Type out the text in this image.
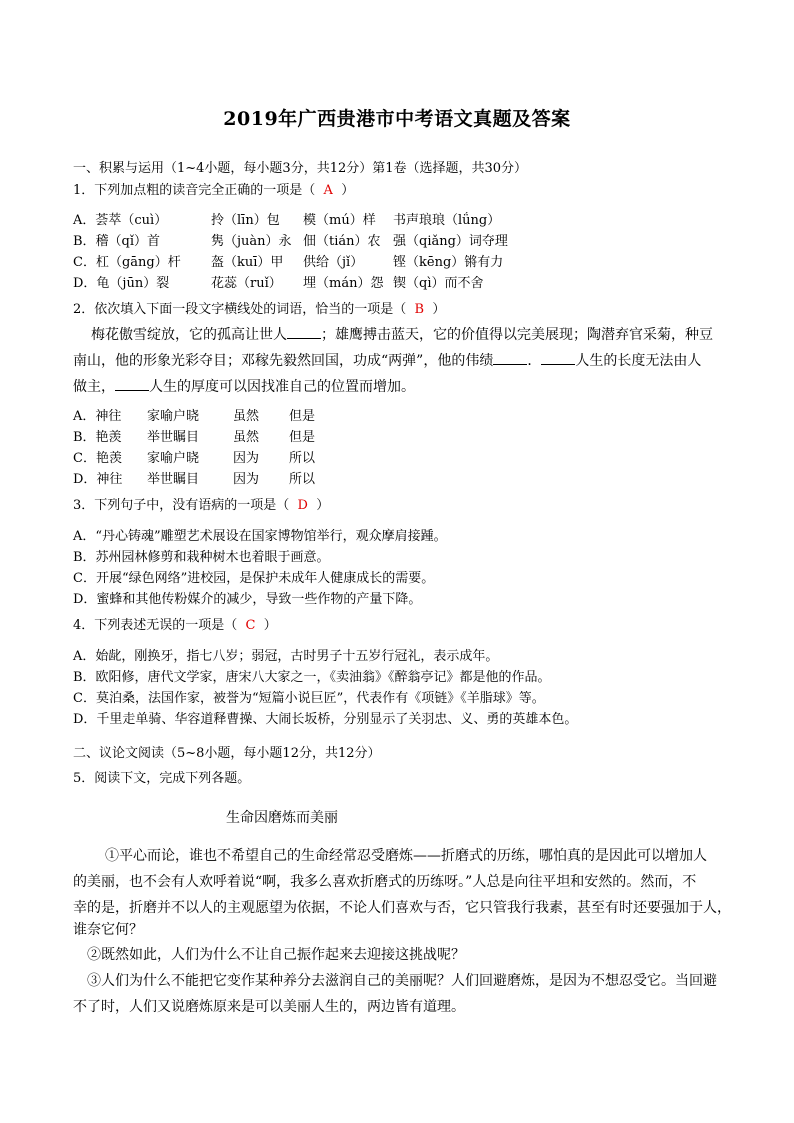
2019年广西贵港市中考语文真题及答案
一、积累与运用（1~4小题，每小题3分，共12分）第1卷（选择题，共30分）
1．下列加点粗的读音完全正确的一项是（ A ）
A．荟萃（cuì）	拎（līn）包 模（mú）样 书声琅琅（lǘng）
B．稽（qǐ）首	隽（juàn）永 佃（tián）农 强（qiǎng）词夺理
C．杠（gāng）杆 盔（kuī）甲 供给（jǐ） 铿（kēng）锵有力
D．龟（jūn）裂	花蕊（ruǐ） 埋（mán）怨 锲（qì）而不舍
2．依次填入下面一段文字横线处的词语，恰当的一项是（ B ）
梅花傲雪绽放，它的孤高让世人 ；雄鹰搏击蓝天，它的价值得以完美展现；陶潜弃官采菊，种豆
南山，他的形象光彩夺目；邓稼先毅然回国，功成“两弹”，他的伟绩 ． 人生的长度无法由人
做主， 人生的厚度可以因找准自己的位置而增加。
A．神往 家喻户晓	虽然 但是
B．艳羡 举世瞩目	虽然 但是
C．艳羡 家喻户晓	因为 所以
D．神往 举世瞩目	因为 所以
3．下列句子中，没有语病的一项是（ D ）
A．“丹心铸魂”雕塑艺术展设在国家博物馆举行，观众摩肩接踵。
B．苏州园林修剪和栽种树木也着眼于画意。
C．开展“绿色网络”进校园，是保护未成年人健康成长的需要。
D．蜜蜂和其他传粉媒介的减少，导致一些作物的产量下降。
4．下列表述无误的一项是（ C ）
A．始龀，刚换牙，指七八岁；弱冠，古时男子十五岁行冠礼，表示成年。
B．欧阳修，唐代文学家，唐宋八大家之一，《卖油翁》《醉翁亭记》都是他的作品。
C．莫泊桑，法国作家，被誉为“短篇小说巨匠”，代表作有《项链》《羊脂球》等。
D．千里走单骑、华容道释曹操、大闹长坂桥，分别显示了关羽忠、义、勇的英雄本色。
二、议论文阅读（5~8小题，每小题12分，共12分）
5．阅读下文，完成下列各题。
生命因磨炼而美丽
①平心而论，谁也不希望自己的生命经常忍受磨炼——折磨式的历练，哪怕真的是因此可以增加人
的美丽，也不会有人欢呼着说“啊，我多么喜欢折磨式的历练呀。”人总是向往平坦和安然的。然而，不
幸的是，折磨并不以人的主观愿望为依据，不论人们喜欢与否，它只管我行我素，甚至有时还要强加于人，
谁奈它何？
②既然如此，人们为什么不让自己振作起来去迎接这挑战呢？
③人们为什么不能把它变作某种养分去滋润自己的美丽呢？人们回避磨炼，是因为不想忍受它。当回避
不了时，人们又说磨炼原来是可以美丽人生的，两边皆有道理。
